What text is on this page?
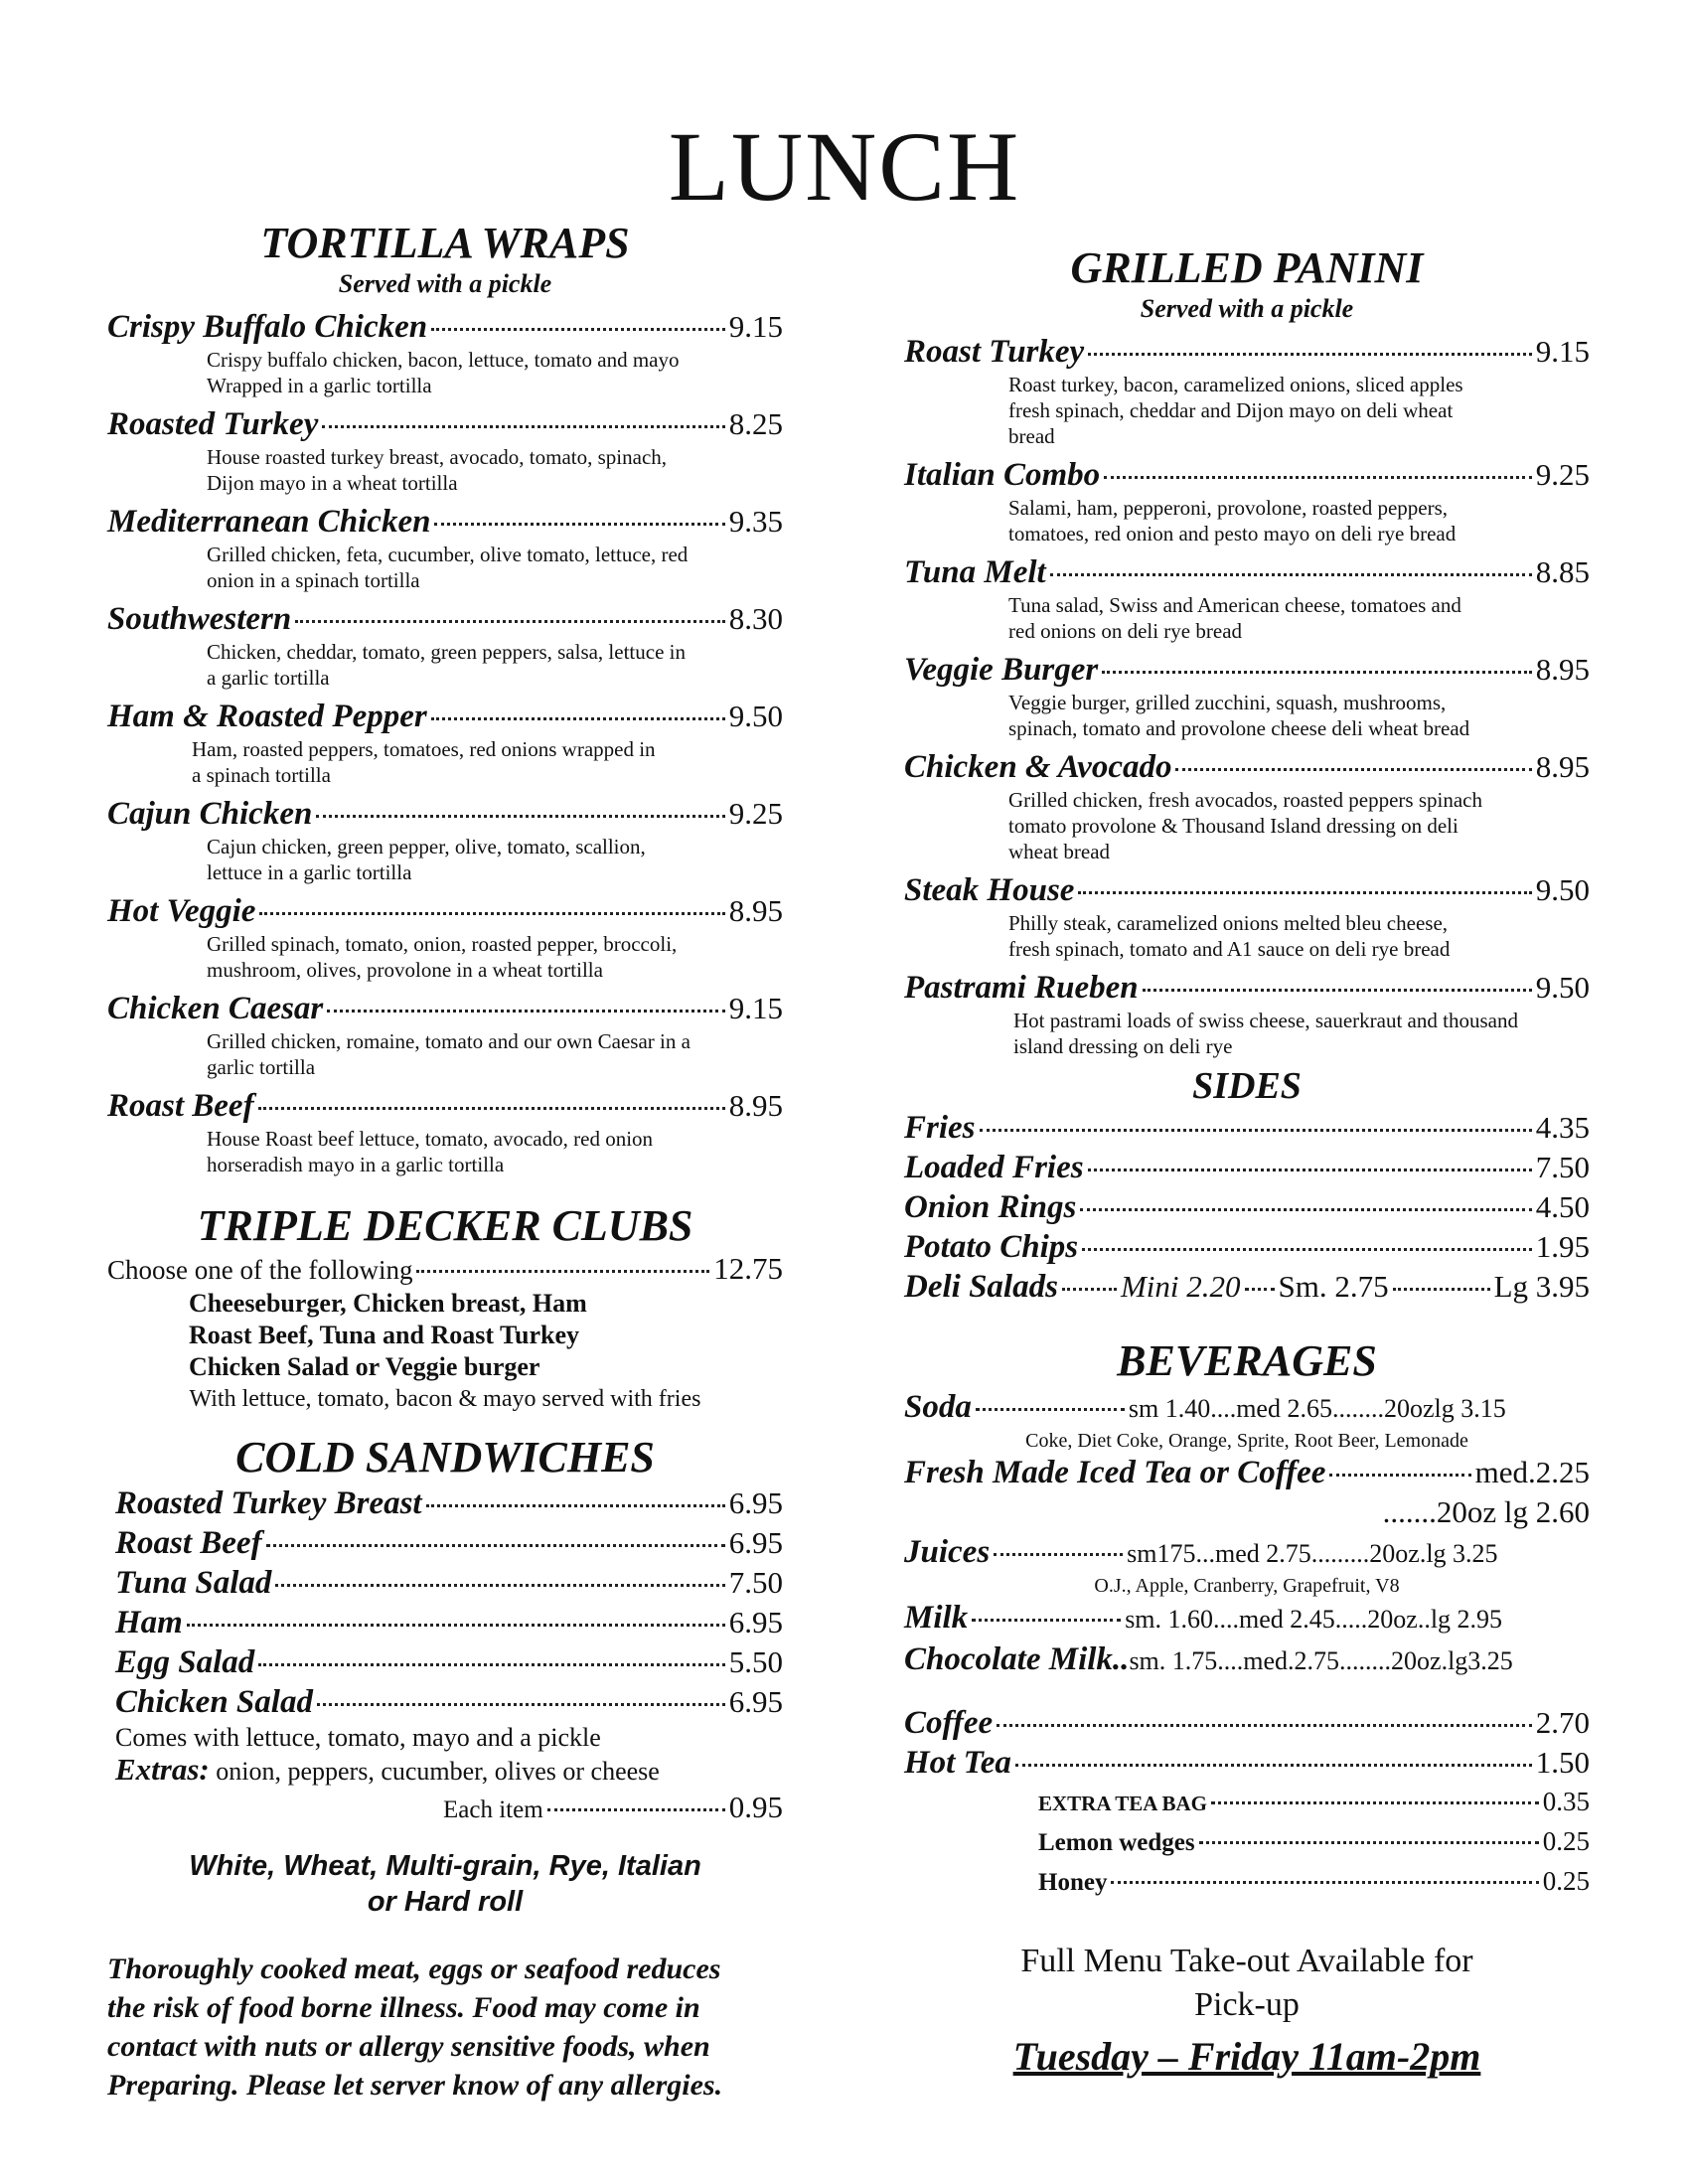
LUNCH
TORTILLA WRAPS
Served with a pickle
Crispy Buffalo Chicken	9.15
Crispy buffalo chicken, bacon, lettuce, tomato and mayo
Wrapped in a garlic tortilla
Roasted Turkey	8.25
House roasted turkey breast, avocado, tomato, spinach,
Dijon mayo in a wheat tortilla
Mediterranean Chicken	9.35
Grilled chicken, feta, cucumber, olive tomato, lettuce, red
onion in a spinach tortilla
Southwestern	8.30
Chicken, cheddar, tomato, green peppers, salsa, lettuce in
a garlic tortilla
Ham & Roasted Pepper	9.50
Ham, roasted peppers, tomatoes, red onions wrapped in
a spinach tortilla
Cajun Chicken	9.25
Cajun chicken, green pepper, olive, tomato, scallion,
lettuce in a garlic tortilla
Hot Veggie	8.95
Grilled spinach, tomato, onion, roasted pepper, broccoli,
mushroom, olives, provolone in a wheat tortilla
Chicken Caesar	9.15
Grilled chicken, romaine, tomato and our own Caesar in a
garlic tortilla
Roast Beef	8.95
House Roast beef lettuce, tomato, avocado, red onion
horseradish mayo in a garlic tortilla
TRIPLE DECKER CLUBS
Choose one of the following	12.75
Cheeseburger, Chicken breast, Ham
Roast Beef, Tuna and Roast Turkey
Chicken Salad or Veggie burger
With lettuce, tomato, bacon & mayo served with fries
COLD SANDWICHES
Roasted Turkey Breast	6.95
Roast Beef	6.95
Tuna Salad	7.50
Ham	6.95
Egg Salad	5.50
Chicken Salad	6.95
Comes with lettuce, tomato, mayo and a pickle
Extras: onion, peppers, cucumber, olives or cheese
Each item	0.95
White, Wheat, Multi-grain, Rye, Italian
or Hard roll
Thoroughly cooked meat, eggs or seafood reduces
the risk of food borne illness. Food may come in
contact with nuts or allergy sensitive foods, when
Preparing. Please let server know of any allergies.
GRILLED PANINI
Served with a pickle
Roast Turkey	9.15
Roast turkey, bacon, caramelized onions, sliced apples
fresh spinach, cheddar and Dijon mayo on deli wheat
bread
Italian Combo	9.25
Salami, ham, pepperoni, provolone, roasted peppers,
tomatoes, red onion and pesto mayo on deli rye bread
Tuna Melt	8.85
Tuna salad, Swiss and American cheese, tomatoes and
red onions on deli rye bread
Veggie Burger	8.95
Veggie burger, grilled zucchini, squash, mushrooms,
spinach, tomato and provolone cheese deli wheat bread
Chicken & Avocado	8.95
Grilled chicken, fresh avocados, roasted peppers spinach
tomato provolone & Thousand Island dressing on deli
wheat bread
Steak House	9.50
Philly steak, caramelized onions melted bleu cheese,
fresh spinach, tomato and A1 sauce on deli rye bread
Pastrami Rueben	9.50
Hot pastrami loads of swiss cheese, sauerkraut and thousand
island dressing on deli rye
SIDES
Fries	4.35
Loaded Fries	7.50
Onion Rings	4.50
Potato Chips	1.95
Deli Salads Mini 2.20 Sm. 2.75	Lg 3.95
BEVERAGES
Soda	sm 1.40....med 2.65........20ozlg 3.15
Coke, Diet Coke, Orange, Sprite, Root Beer, Lemonade
Fresh Made Iced Tea or Coffee	med.2.25
.......20oz lg 2.60
Juices	sm175...med 2.75.........20oz.lg 3.25
O.J., Apple, Cranberry, Grapefruit, V8
Milk	sm. 1.60....med 2.45.....20oz..lg 2.95
Chocolate Milk.. sm. 1.75....med.2.75........20oz.lg3.25
Coffee	2.70
Hot Tea	1.50
EXTRA TEA BAG	0.35
Lemon wedges	0.25
Honey	0.25
Full Menu Take-out Available for
Pick-up
Tuesday – Friday 11am-2pm
